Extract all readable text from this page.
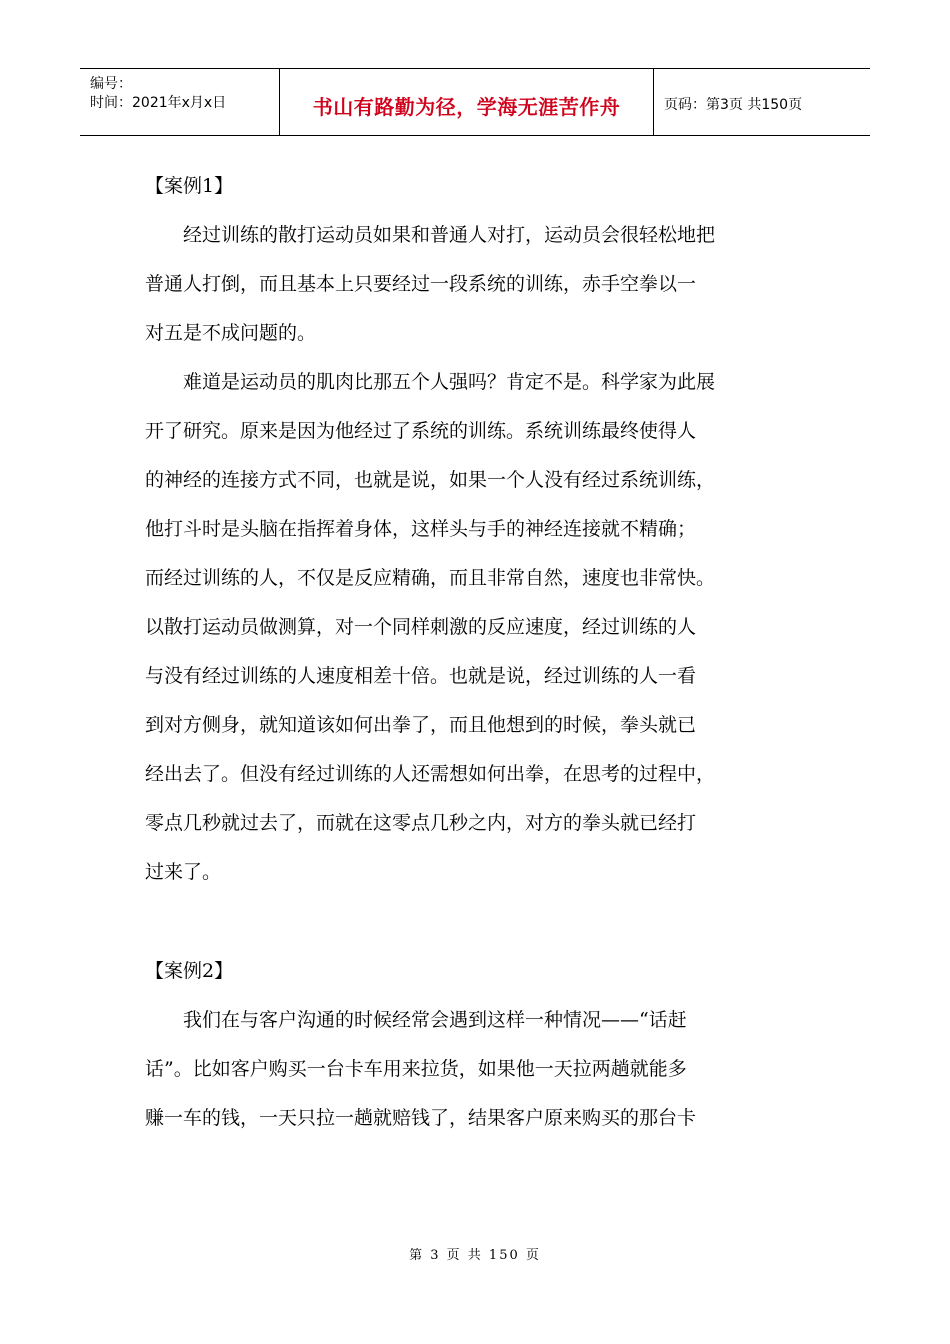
编号：
时间：2021年x月x日	书山有路勤为径，学海无涯苦作舟	页码：第3页 共150页
【案例1】
　　经过训练的散打运动员如果和普通人对打，运动员会很轻松地把
普通人打倒，而且基本上只要经过一段系统的训练，赤手空拳以一
对五是不成问题的。
　　难道是运动员的肌肉比那五个人强吗？肯定不是。科学家为此展
开了研究。原来是因为他经过了系统的训练。系统训练最终使得人
的神经的连接方式不同，也就是说，如果一个人没有经过系统训练，
他打斗时是头脑在指挥着身体，这样头与手的神经连接就不精确；
而经过训练的人，不仅是反应精确，而且非常自然，速度也非常快。
以散打运动员做测算，对一个同样刺激的反应速度，经过训练的人
与没有经过训练的人速度相差十倍。也就是说，经过训练的人一看
到对方侧身，就知道该如何出拳了，而且他想到的时候，拳头就已
经出去了。但没有经过训练的人还需想如何出拳，在思考的过程中，
零点几秒就过去了，而就在这零点几秒之内，对方的拳头就已经打
过来了。
【案例2】
　　我们在与客户沟通的时候经常会遇到这样一种情况——“话赶
话”。比如客户购买一台卡车用来拉货，如果他一天拉两趟就能多
赚一车的钱，一天只拉一趟就赔钱了，结果客户原来购买的那台卡
第 3 页 共 150 页
